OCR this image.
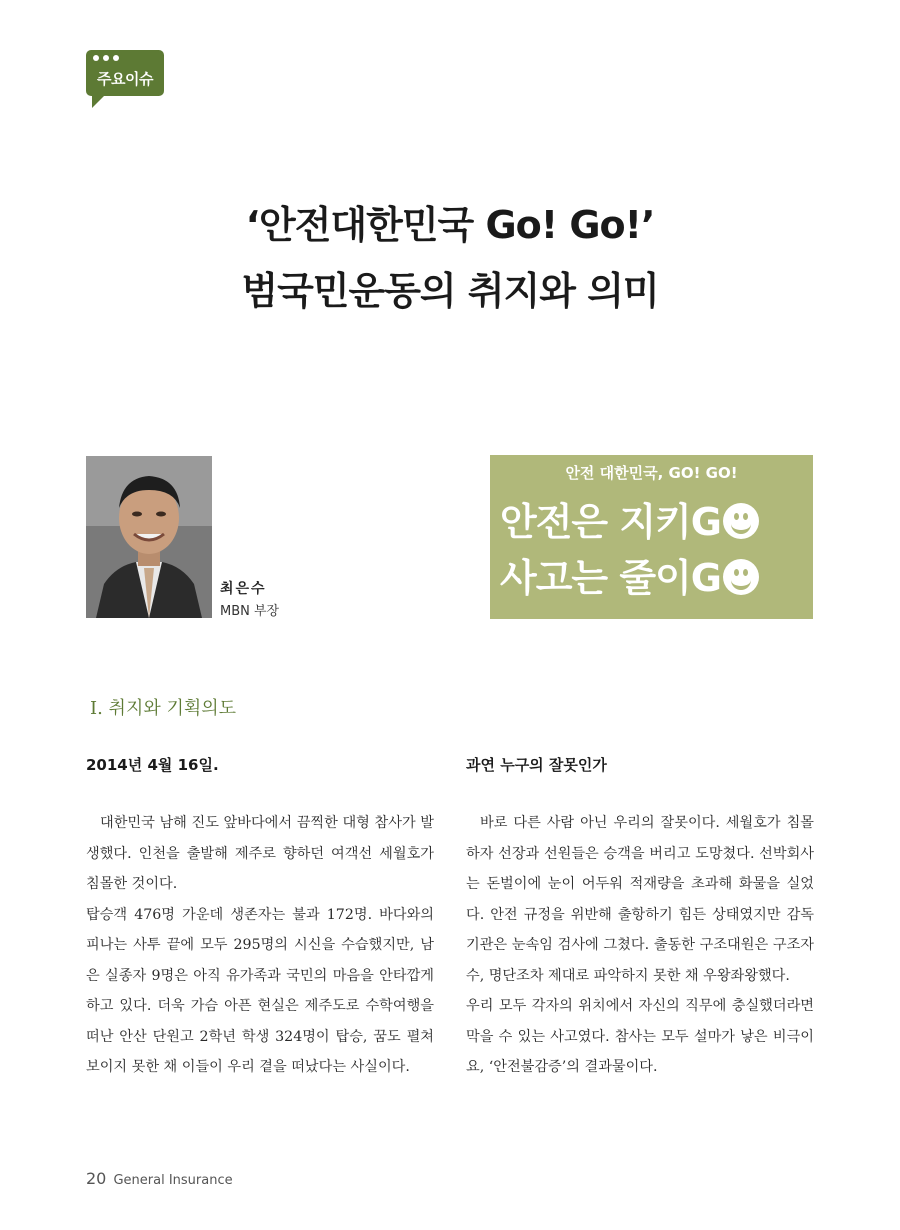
주요이슈
‘안전대한민국 Go! Go!’
범국민운동의 취지와 의미
최은수
MBN 부장
안전 대한민국, GO! GO!
안전은 지키G
사고는 줄이G
Ⅰ. 취지와 기획의도
2014년 4월 16일.	과연 누구의 잘못인가

대한민국 남해 진도 앞바다에서 끔찍한 대형 참사가 발생했다. 인천을 출발해 제주로 향하던 여객선 세월호가 침몰한 것이다.

탑승객 476명 가운데 생존자는 불과 172명. 바다와의 피나는 사투 끝에 모두 295명의 시신을 수습했지만, 남은 실종자 9명은 아직 유가족과 국민의 마음을 안타깝게 하고 있다. 더욱 가슴 아픈 현실은 제주도로 수학여행을 떠난 안산 단원고 2학년 학생 324명이 탑승, 꿈도 펼쳐 보이지 못한 채 이들이 우리 곁을 떠났다는 사실이다.

바로 다른 사람 아닌 우리의 잘못이다. 세월호가 침몰하자 선장과 선원들은 승객을 버리고 도망쳤다. 선박회사는 돈벌이에 눈이 어두워 적재량을 초과해 화물을 실었다. 안전 규정을 위반해 출항하기 힘든 상태였지만 감독기관은 눈속임 검사에 그쳤다. 출동한 구조대원은 구조자 수, 명단조차 제대로 파악하지 못한 채 우왕좌왕했다.

우리 모두 각자의 위치에서 자신의 직무에 충실했더라면 막을 수 있는 사고였다. 참사는 모두 설마가 낳은 비극이요, ‘안전불감증’의 결과물이다.

20 General Insurance
